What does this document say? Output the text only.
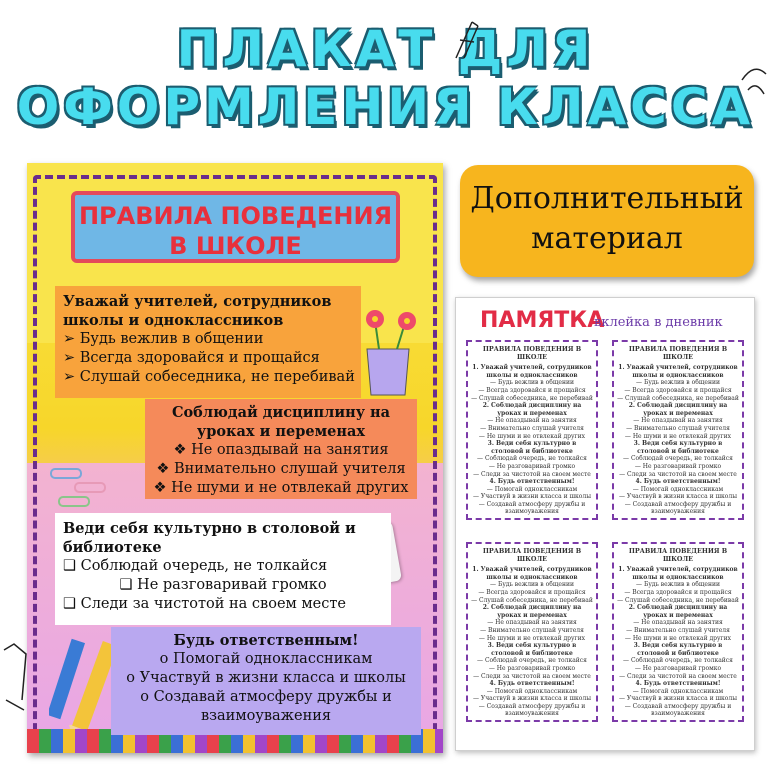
ПЛАКАТ ДЛЯ
ОФОРМЛЕНИЯ КЛАССА
ПРАВИЛА ПОВЕДЕНИЯ
В ШКОЛЕ
Уважай учителей, сотрудников школы и одноклассников
➢ Будь вежлив в общении
➢ Всегда здоровайся и прощайся
➢ Слушай собеседника, не перебивай
Соблюдай дисциплину на уроках и переменах
❖ Не опаздывай на занятия
❖ Внимательно слушай учителя
❖ Не шуми и не отвлекай других
Веди себя культурно в столовой и библиотеке
❑ Соблюдай очередь, не толкайся
❑ Не разговаривай громко
❑ Следи за чистотой на своем месте
Будь ответственным!
о Помогай одноклассникам
о Участвуй в жизни класса и школы
о Создавай атмосферу дружбы и
взаимоуважения
Дополнительный
материал
ПАМЯТКА
вклейка в дневник
ПРАВИЛА ПОВЕДЕНИЯ В ШКОЛЕ
1. Уважай учителей, сотрудников школы и одноклассников
— Будь вежлив в общении
— Всегда здоровайся и прощайся
— Слушай собеседника, не перебивай
2. Соблюдай дисциплину на уроках и переменах
— Не опаздывай на занятия
— Внимательно слушай учителя
— Не шуми и не отвлекай других
3. Веди себя культурно в столовой и библиотеке
— Соблюдай очередь, не толкайся
— Не разговаривай громко
— Следи за чистотой на своем месте
4. Будь ответственным!
— Помогай одноклассникам
— Участвуй в жизни класса и школы
— Создавай атмосферу дружбы и взаимоуважения
ПРАВИЛА ПОВЕДЕНИЯ В ШКОЛЕ
1. Уважай учителей, сотрудников школы и одноклассников
— Будь вежлив в общении
— Всегда здоровайся и прощайся
— Слушай собеседника, не перебивай
2. Соблюдай дисциплину на уроках и переменах
— Не опаздывай на занятия
— Внимательно слушай учителя
— Не шуми и не отвлекай других
3. Веди себя культурно в столовой и библиотеке
— Соблюдай очередь, не толкайся
— Не разговаривай громко
— Следи за чистотой на своем месте
4. Будь ответственным!
— Помогай одноклассникам
— Участвуй в жизни класса и школы
— Создавай атмосферу дружбы и взаимоуважения
ПРАВИЛА ПОВЕДЕНИЯ В ШКОЛЕ
1. Уважай учителей, сотрудников школы и одноклассников
— Будь вежлив в общении
— Всегда здоровайся и прощайся
— Слушай собеседника, не перебивай
2. Соблюдай дисциплину на уроках и переменах
— Не опаздывай на занятия
— Внимательно слушай учителя
— Не шуми и не отвлекай других
3. Веди себя культурно в столовой и библиотеке
— Соблюдай очередь, не толкайся
— Не разговаривай громко
— Следи за чистотой на своем месте
4. Будь ответственным!
— Помогай одноклассникам
— Участвуй в жизни класса и школы
— Создавай атмосферу дружбы и взаимоуважения
ПРАВИЛА ПОВЕДЕНИЯ В ШКОЛЕ
1. Уважай учителей, сотрудников школы и одноклассников
— Будь вежлив в общении
— Всегда здоровайся и прощайся
— Слушай собеседника, не перебивай
2. Соблюдай дисциплину на уроках и переменах
— Не опаздывай на занятия
— Внимательно слушай учителя
— Не шуми и не отвлекай других
3. Веди себя культурно в столовой и библиотеке
— Соблюдай очередь, не толкайся
— Не разговаривай громко
— Следи за чистотой на своем месте
4. Будь ответственным!
— Помогай одноклассникам
— Участвуй в жизни класса и школы
— Создавай атмосферу дружбы и взаимоуважения
